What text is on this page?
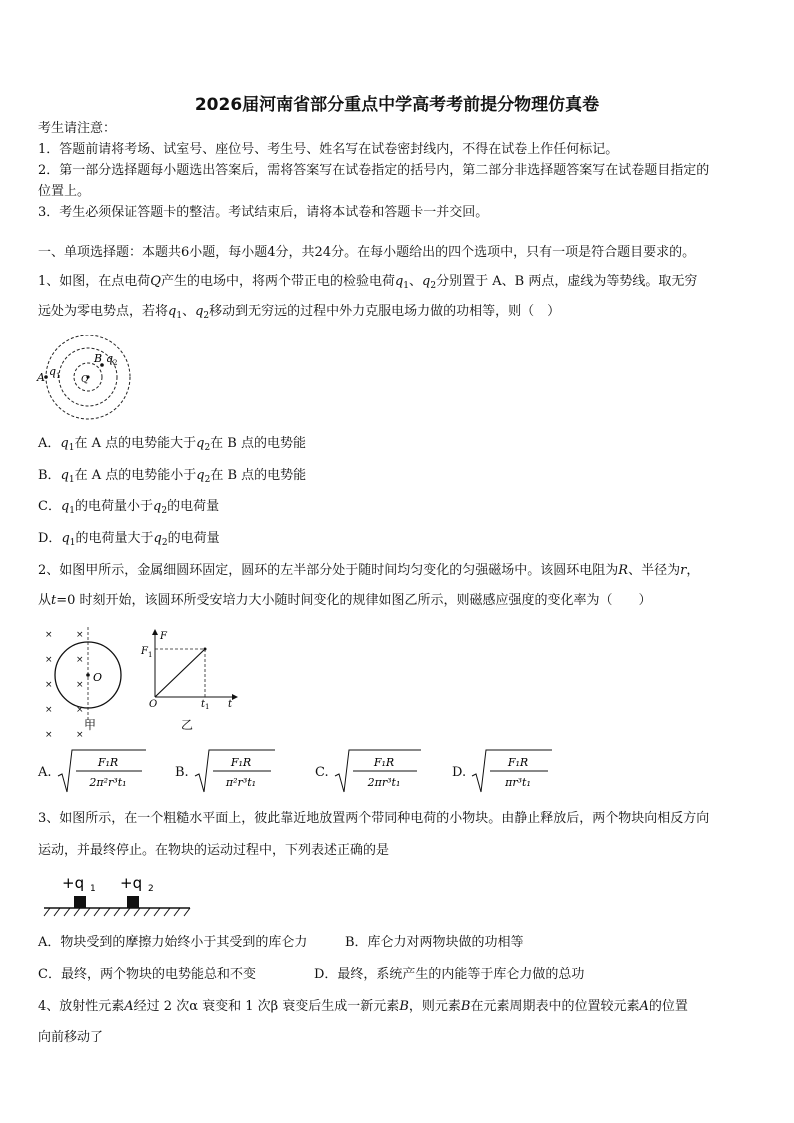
2026届河南省部分重点中学高考考前提分物理仿真卷
考生请注意：
1．答题前请将考场、试室号、座位号、考生号、姓名写在试卷密封线内，不得在试卷上作任何标记。
2．第一部分选择题每小题选出答案后，需将答案写在试卷指定的括号内，第二部分非选择题答案写在试卷题目指定的
位置上。
3．考生必须保证答题卡的整洁。考试结束后，请将本试卷和答题卡一并交回。
一、单项选择题：本题共6小题，每小题4分，共24分。在每小题给出的四个选项中，只有一项是符合题目要求的。
1、如图，在点电荷Q产生的电场中，将两个带正电的检验电荷$q_1$、$q_2$分别置于 A、B 两点，虚线为等势线。取无穷
远处为零电势点，若将$q_1$、$q_2$移动到无穷远的过程中外力克服电场力做的功相等，则（　）
Q
A q 1
B q 2
A．$q_1$在 A 点的电势能大于$q_2$在 B 点的电势能
B．$q_1$在 A 点的电势能小于$q_2$在 B 点的电势能
C．$q_1$的电荷量小于$q_2$的电荷量
D．$q_1$的电荷量大于$q_2$的电荷量
2、如图甲所示，金属细圆环固定，圆环的左半部分处于随时间均匀变化的匀强磁场中。该圆环电阻为R、半径为r，
从t=0 时刻开始，该圆环所受安培力大小随时间变化的规律如图乙所示，则磁感应强度的变化率为（　　）
×
×
×
×
×
×
×
×
×
×
O
甲
F
F 1
O	t 1 t
乙
A.
F₁R
2π²r³t₁
B.
F₁R
π²r³t₁
C.
F₁R
2πr³t₁
D.
F₁R
πr³t₁
3、如图所示，在一个粗糙水平面上，彼此靠近地放置两个带同种电荷的小物块。由静止释放后，两个物块向相反方向
运动，并最终停止。在物块的运动过程中，下列表述正确的是
+q 1 +q 2
A．物块受到的摩擦力始终小于其受到的库仑力	B．库仑力对两物块做的功相等
C．最终，两个物块的电势能总和不变	D．最终，系统产生的内能等于库仑力做的总功
4、放射性元素A经过 2 次α 衰变和 1 次β 衰变后生成一新元素B，则元素B在元素周期表中的位置较元素A的位置
向前移动了
